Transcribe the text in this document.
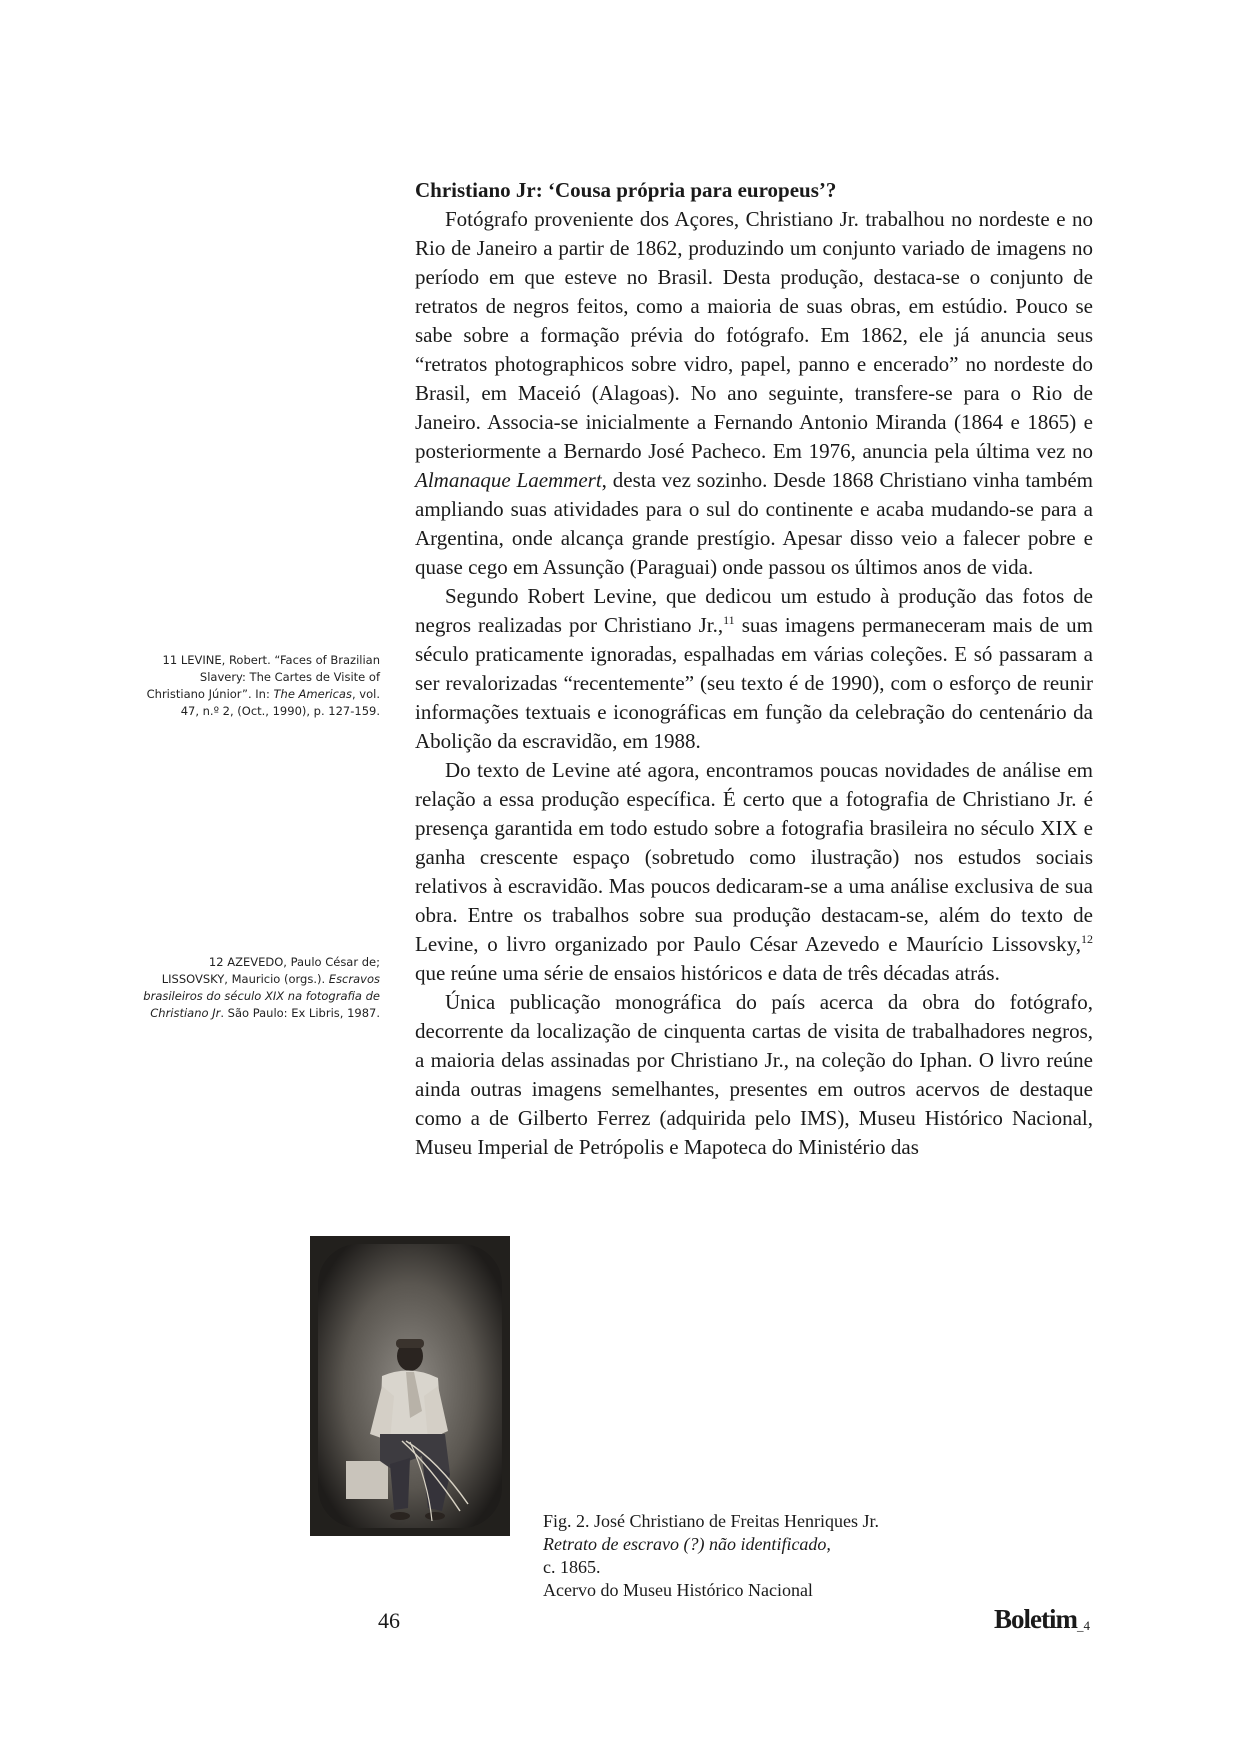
Christiano Jr: ‘Cousa própria para europeus’?

Fotógrafo proveniente dos Açores, Christiano Jr. trabalhou no nordeste e no Rio de Janeiro a partir de 1862, produzindo um conjunto variado de imagens no período em que esteve no Brasil. Desta produção, destaca-se o conjunto de retratos de negros feitos, como a maioria de suas obras, em estúdio. Pouco se sabe sobre a formação prévia do fotógrafo. Em 1862, ele já anuncia seus “retratos photographicos sobre vidro, papel, panno e encerado” no nordeste do Brasil, em Maceió (Alagoas). No ano seguinte, transfere-se para o Rio de Janeiro. Associa-se inicialmente a Fernando Antonio Miranda (1864 e 1865) e posteriormente a Bernardo José Pacheco. Em 1976, anuncia pela última vez no Almanaque Laemmert, desta vez sozinho. Desde 1868 Christiano vinha também ampliando suas atividades para o sul do continente e acaba mudando-se para a Argentina, onde alcança grande prestígio. Apesar disso veio a falecer pobre e quase cego em Assunção (Paraguai) onde passou os últimos anos de vida.

Segundo Robert Levine, que dedicou um estudo à produção das fotos de negros realizadas por Christiano Jr.,$^{11}$ suas imagens permaneceram mais de um século praticamente ignoradas, espalhadas em várias coleções. E só passaram a ser revalorizadas “recentemente” (seu texto é de 1990), com o esforço de reunir informações textuais e iconográficas em função da celebração do centenário da Abolição da escravidão, em 1988.

Do texto de Levine até agora, encontramos poucas novidades de análise em relação a essa produção específica. É certo que a fotografia de Christiano Jr. é presença garantida em todo estudo sobre a fotografia brasileira no século XIX e ganha crescente espaço (sobretudo como ilustração) nos estudos sociais relativos à escravidão. Mas poucos dedicaram-se a uma análise exclusiva de sua obra. Entre os trabalhos sobre sua produção destacam-se, além do texto de Levine, o livro organizado por Paulo César Azevedo e Maurício Lissovsky,$^{12}$ que reúne uma série de ensaios históricos e data de três décadas atrás.

Única publicação monográfica do país acerca da obra do fotógrafo, decorrente da localização de cinquenta cartas de visita de trabalhadores negros, a maioria delas assinadas por Christiano Jr., na coleção do Iphan. O livro reúne ainda outras imagens semelhantes, presentes em outros acervos de destaque como a de Gilberto Ferrez (adquirida pelo IMS), Museu Histórico Nacional, Museu Imperial de Petrópolis e Mapoteca do Ministério das

11 LEVINE, Robert. “Faces of Brazilian Slavery: The Cartes de Visite of Christiano Júnior”. In: The Americas, vol. 47, n.º 2, (Oct., 1990), p. 127-159.
12 AZEVEDO, Paulo César de; LISSOVSKY, Mauricio (orgs.). Escravos brasileiros do século XIX na fotografia de Christiano Jr. São Paulo: Ex Libris, 1987.
Fig. 2. José Christiano de Freitas Henriques Jr.
Retrato de escravo (?) não identificado,
c. 1865.
Acervo do Museu Histórico Nacional
46	Boletim$_{\_4}$
